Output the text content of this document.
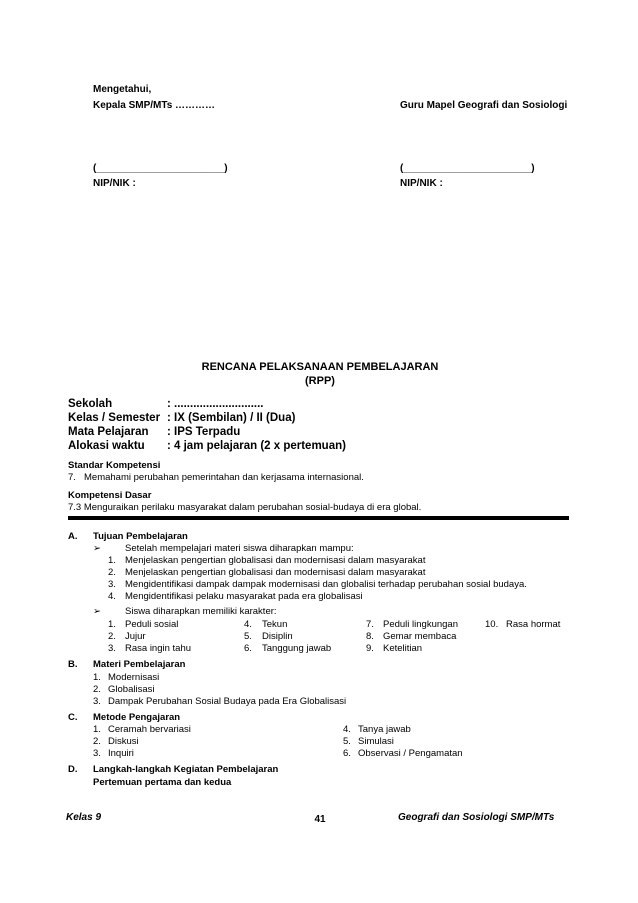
Mengetahui,
Kepala SMP/MTs …………	Guru Mapel Geografi dan Sosiologi
(_______________________)	(_______________________)
NIP/NIK :	NIP/NIK :
RENCANA PELAKSANAAN PEMBELAJARAN
(RPP)
Sekolah	: ............................
Kelas / Semester : IX (Sembilan) / II (Dua)
Mata Pelajaran : IPS Terpadu
Alokasi waktu : 4 jam pelajaran (2 x pertemuan)
Standar Kompetensi
7. Memahami perubahan pemerintahan dan kerjasama internasional.
Kompetensi Dasar
7.3 Menguraikan perilaku masyarakat dalam perubahan sosial-budaya di era global.
A. Tujuan Pembelajaran
➢	Setelah mempelajari materi siswa diharapkan mampu:
1. Menjelaskan pengertian globalisasi dan modernisasi dalam masyarakat
2. Menjelaskan pengertian globalisasi dan modernisasi dalam masyarakat
3. Mengidentifikasi dampak dampak modernisasi dan globalisi terhadap perubahan sosial budaya.
4. Mengidentifikasi pelaku masyarakat pada era globalisasi
➢	Siswa diharapkan memiliki karakter:
1. Peduli sosial
2. Jujur
3. Rasa ingin tahu
4. Tekun
5. Disiplin
6. Tanggung jawab
7. Peduli lingkungan
8. Gemar membaca
9. Ketelitian
10. Rasa hormat
B. Materi Pembelajaran
1. Modernisasi
2. Globalisasi
3. Dampak Perubahan Sosial Budaya pada Era Globalisasi
C. Metode Pengajaran
1. Ceramah bervariasi
2. Diskusi
3. Inquiri
4. Tanya jawab
5. Simulasi
6. Observasi / Pengamatan
D. Langkah-langkah Kegiatan Pembelajaran
Pertemuan pertama dan kedua
Kelas 9	41	Geografi dan Sosiologi SMP/MTs
